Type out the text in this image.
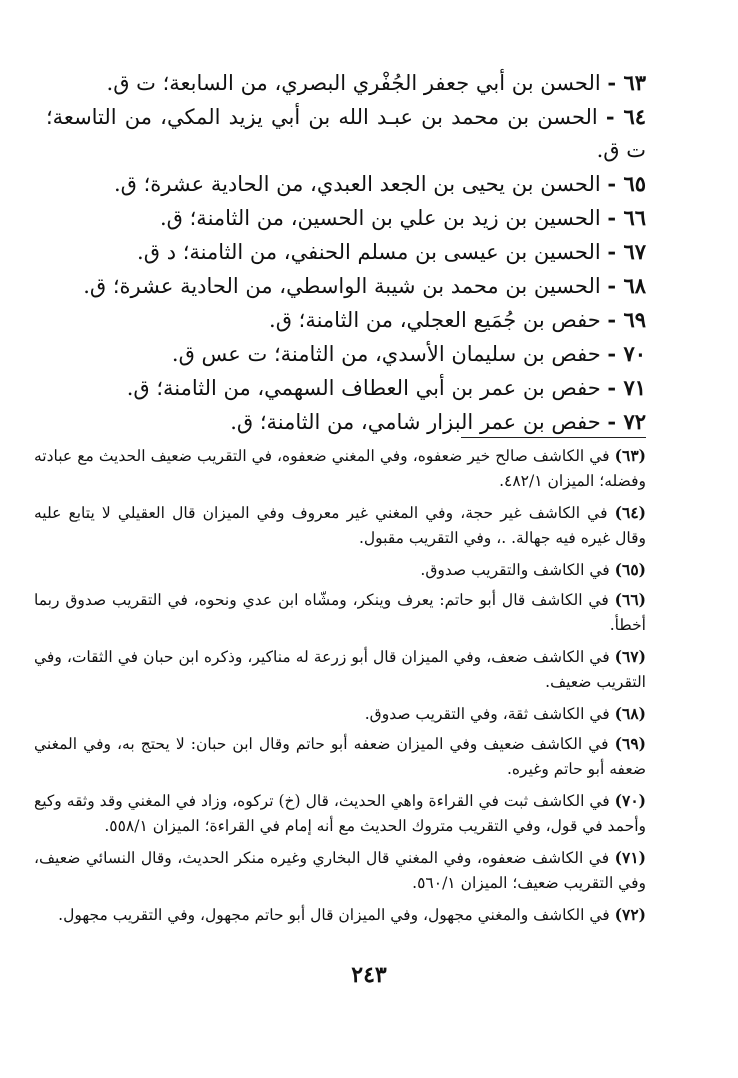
٦٣ - الحسن بن أبي جعفر الجُفْري البصري، من السابعة؛ ت ق.
٦٤ - الحسن بن محمد بن عبـد الله بن أبي يزيد المكي، من التاسعة؛ ت ق.
٦٥ - الحسن بن يحيى بن الجعد العبدي، من الحادية عشرة؛ ق.
٦٦ - الحسين بن زيد بن علي بن الحسين، من الثامنة؛ ق.
٦٧ - الحسين بن عيسى بن مسلم الحنفي، من الثامنة؛ د ق.
٦٨ - الحسين بن محمد بن شيبة الواسطي، من الحادية عشرة؛ ق.
٦٩ - حفص بن جُمَيع العجلي، من الثامنة؛ ق.
٧٠ - حفص بن سليمان الأسدي، من الثامنة؛ ت عس ق.
٧١ - حفص بن عمر بن أبي العطاف السهمي، من الثامنة؛ ق.
٧٢ - حفص بن عمر البزار شامي، من الثامنة؛ ق.
(٦٣) في الكاشف صالح خير ضعفوه، وفي المغني ضعفوه، في التقريب ضعيف الحديث مع عبادته وفضله؛ الميزان ٤٨٢/١.
(٦٤) في الكاشف غير حجة، وفي المغني غير معروف وفي الميزان قال العقيلي لا يتابع عليه وقال غيره فيه جهالة. .، وفي التقريب مقبول.
(٦٥) في الكاشف والتقريب صدوق.
(٦٦) في الكاشف قال أبو حاتم: يعرف وينكر، ومشّاه ابن عدي ونحوه، في التقريب صدوق ربما أخطأ.
(٦٧) في الكاشف ضعف، وفي الميزان قال أبو زرعة له مناكير، وذكره ابن حبان في الثقات، وفي التقريب ضعيف.
(٦٨) في الكاشف ثقة، وفي التقريب صدوق.
(٦٩) في الكاشف ضعيف وفي الميزان ضعفه أبو حاتم وقال ابن حبان: لا يحتج به، وفي المغني ضعفه أبو حاتم وغيره.
(٧٠) في الكاشف ثبت في القراءة واهي الحديث، قال (خ) تركوه، وزاد في المغني وقد وثقه وكيع وأحمد في قول، وفي التقريب متروك الحديث مع أنه إمام في القراءة؛ الميزان ٥٥٨/١.
(٧١) في الكاشف ضعفوه، وفي المغني قال البخاري وغيره منكر الحديث، وقال النسائي ضعيف، وفي التقريب ضعيف؛ الميزان ٥٦٠/١.
(٧٢) في الكاشف والمغني مجهول، وفي الميزان قال أبو حاتم مجهول، وفي التقريب مجهول.
٢٤٣
